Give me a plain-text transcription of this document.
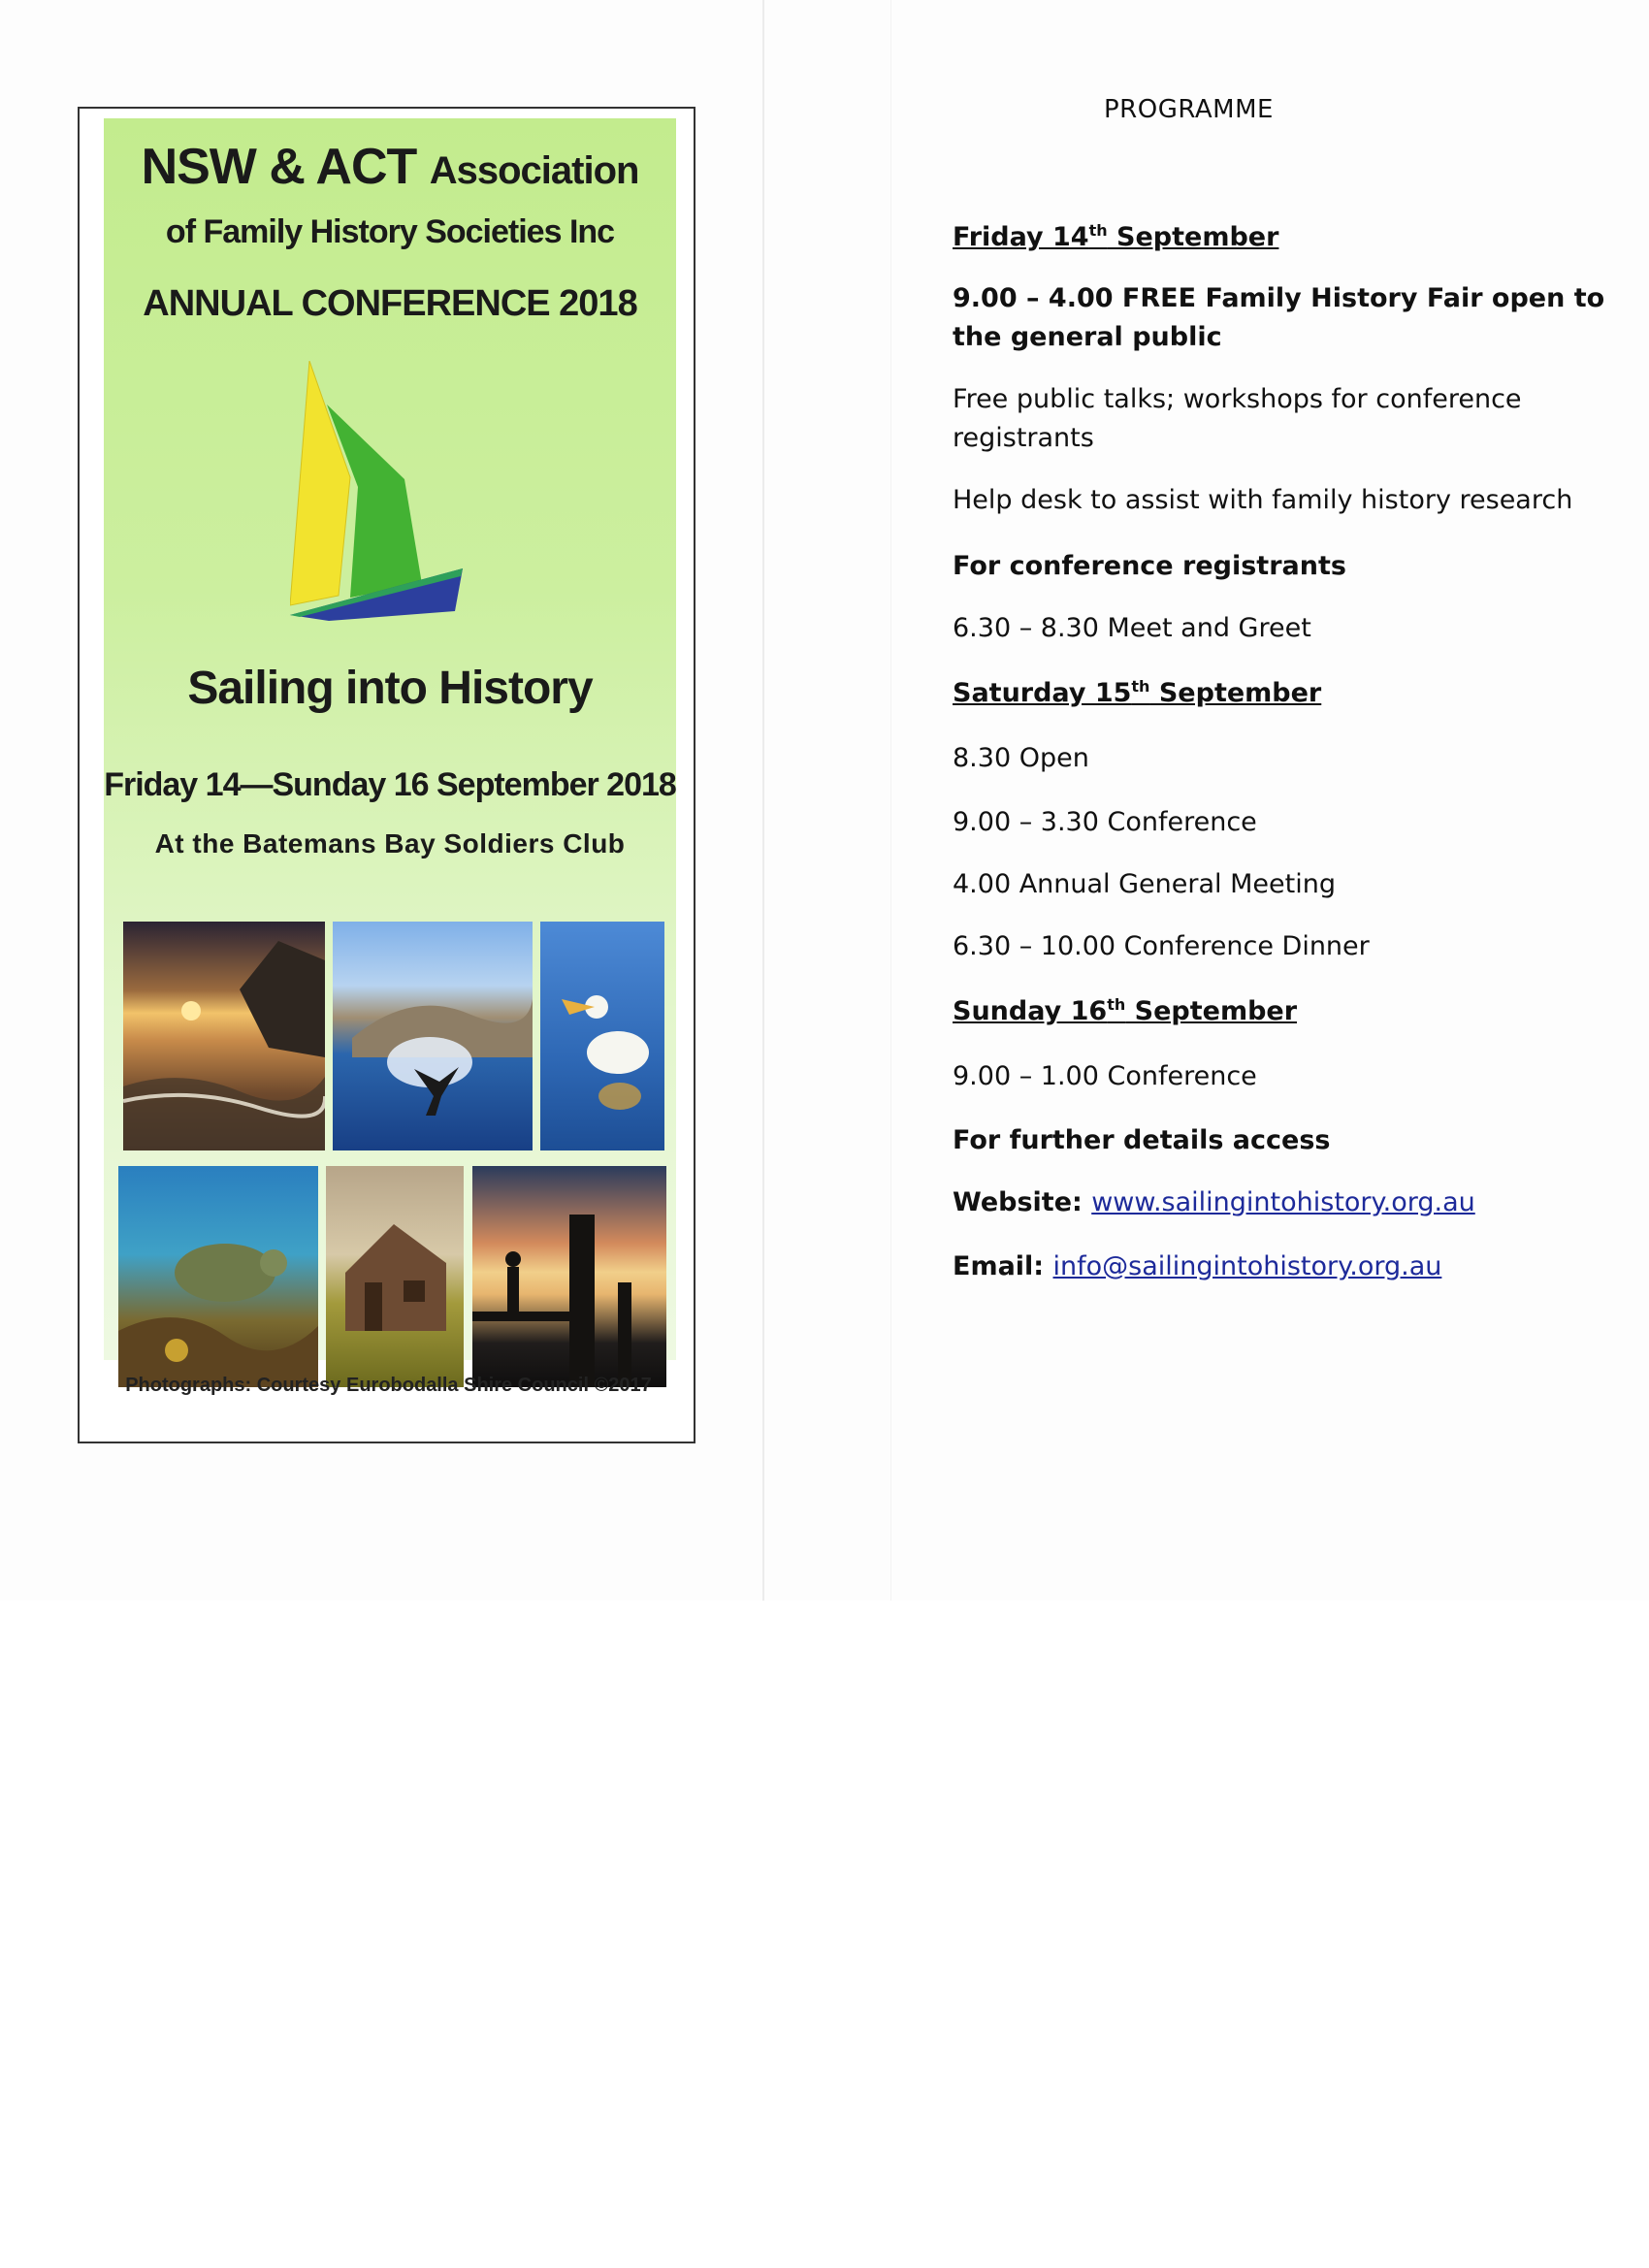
NSW & ACT Association
of Family History Societies Inc
ANNUAL CONFERENCE 2018
Sailing into History
Friday 14—Sunday 16 September 2018
At the Batemans Bay Soldiers Club
Photographs: Courtesy Eurobodalla Shire Council ©2017
PROGRAMME
Friday 14th September
9.00 – 4.00 FREE Family History Fair open to
the general public
Free public talks; workshops for conference
registrants
Help desk to assist with family history research
For conference registrants
6.30 – 8.30 Meet and Greet
Saturday 15th September
8.30 Open
9.00 – 3.30 Conference
4.00 Annual General Meeting
6.30 – 10.00 Conference Dinner
Sunday 16th September
9.00 – 1.00 Conference
For further details access
Website: www.sailingintohistory.org.au
Email: info@sailingintohistory.org.au
